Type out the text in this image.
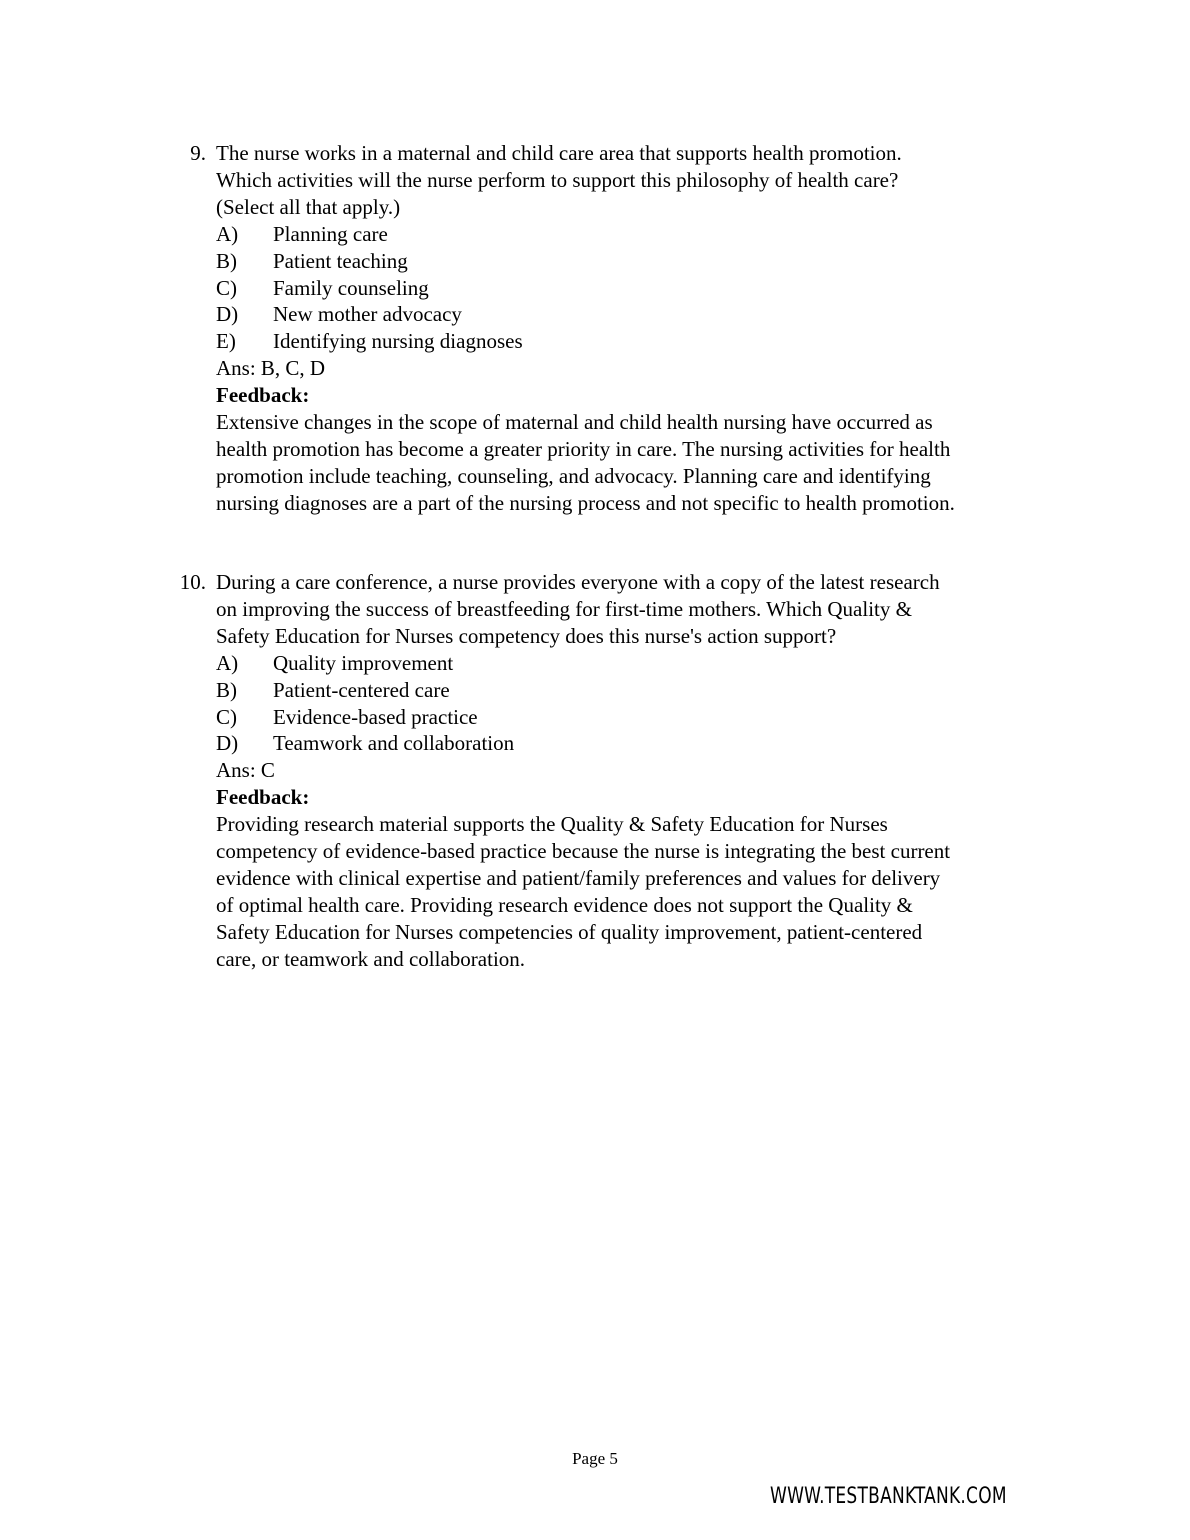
9. The nurse works in a maternal and child care area that supports health promotion.
Which activities will the nurse perform to support this philosophy of health care?
(Select all that apply.)
A) Planning care
B) Patient teaching
C) Family counseling
D) New mother advocacy
E) Identifying nursing diagnoses
Ans: B, C, D
Feedback:
Extensive changes in the scope of maternal and child health nursing have occurred as
health promotion has become a greater priority in care. The nursing activities for health
promotion include teaching, counseling, and advocacy. Planning care and identifying
nursing diagnoses are a part of the nursing process and not specific to health promotion.
10. During a care conference, a nurse provides everyone with a copy of the latest research
on improving the success of breastfeeding for first-time mothers. Which Quality &
Safety Education for Nurses competency does this nurse's action support?
A) Quality improvement
B) Patient-centered care
C) Evidence-based practice
D) Teamwork and collaboration
Ans: C
Feedback:
Providing research material supports the Quality & Safety Education for Nurses
competency of evidence-based practice because the nurse is integrating the best current
evidence with clinical expertise and patient/family preferences and values for delivery
of optimal health care. Providing research evidence does not support the Quality &
Safety Education for Nurses competencies of quality improvement, patient-centered
care, or teamwork and collaboration.
Page 5
WWW.TESTBANKTANK.COM
